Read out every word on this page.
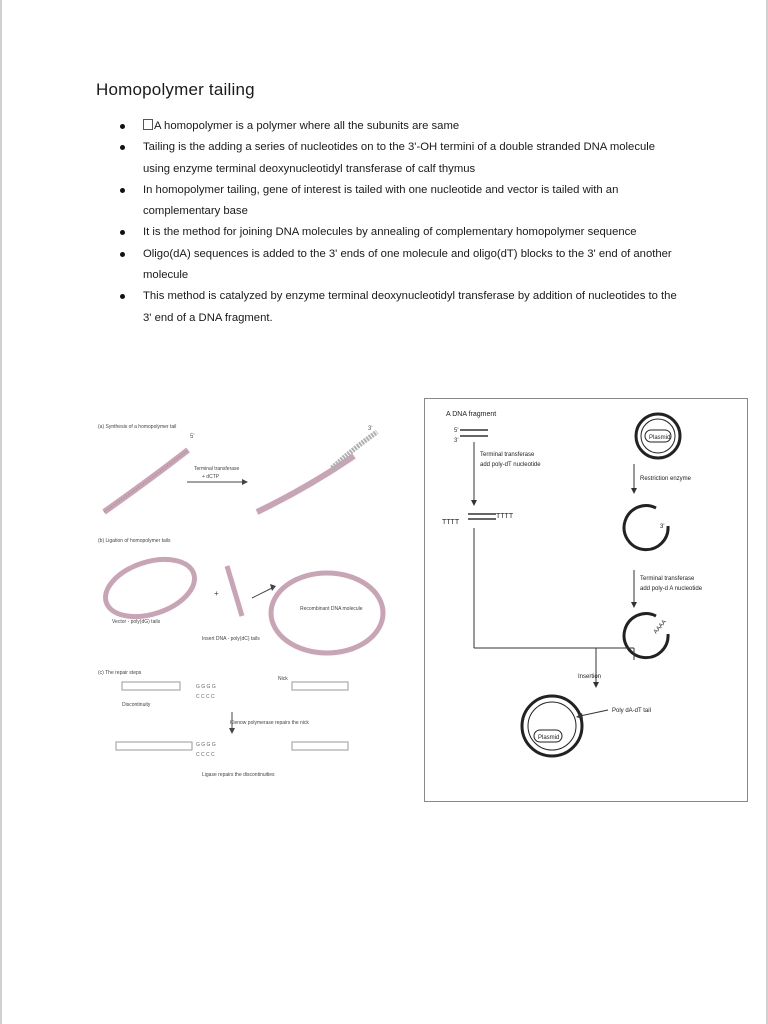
Homopolymer tailing
A homopolymer is a polymer where all the subunits are same
Tailing is the adding a series of nucleotides on to the 3'-OH termini of a double stranded DNA molecule using enzyme terminal deoxynucleotidyl transferase of calf thymus
In homopolymer tailing, gene of interest is tailed with one nucleotide and vector is tailed with an complementary base
It is the method for joining DNA molecules by annealing of complementary homopolymer sequence
Oligo(dA) sequences is added to the 3' ends of one molecule and oligo(dT) blocks to the 3' end of another molecule
This method is catalyzed by enzyme terminal deoxynucleotidyl transferase by addition of nucleotides to the 3' end of a DNA fragment.
(a) Synthesis of a homopolymer tail
5'
Terminal transferase
+ dCTP
3'
(b) Ligation of homopolymer tails
+
Vector - poly(dG) tails
Insert DNA - poly(dC) tails
Recombinant DNA molecule
(c) The repair steps
G G G G
C C C C
Nick
Discontinuity
Klenow polymerase repairs the nick
G G G G
C C C C
Ligase repairs the discontinuities
A DNA fragment
5'
3'
Terminal transferase
add poly-dT nucleotide
TTTT
TTTT
Plasmid
Restriction enzyme
3'
Terminal transferase
add poly-d A nucleotide
AAAA
Insertion
Plasmid
Poly dA-dT tail
